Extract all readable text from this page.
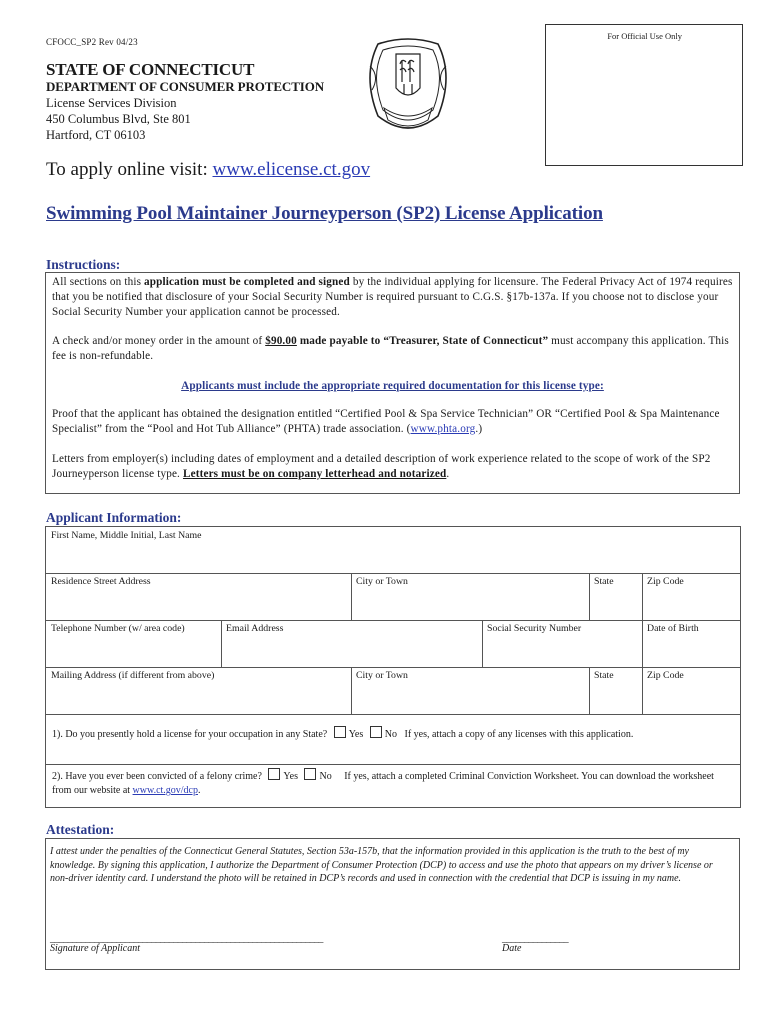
CFOCC_SP2 Rev 04/23
For Official Use Only
STATE OF CONNECTICUT
DEPARTMENT OF CONSUMER PROTECTION
License Services Division
450 Columbus Blvd, Ste 801
Hartford, CT 06103
To apply online visit: www.elicense.ct.gov
Swimming Pool Maintainer Journeyperson (SP2) License Application
Instructions:

All sections on this application must be completed and signed by the individual applying for licensure. The Federal Privacy Act of 1974 requires that you be notified that disclosure of your Social Security Number is required pursuant to C.G.S. §17b-137a. If you choose not to disclose your Social Security Number your application cannot be processed.

A check and/or money order in the amount of $90.00 made payable to “Treasurer, State of Connecticut” must accompany this application. This fee is non-refundable.

Applicants must include the appropriate required documentation for this license type:

Proof that the applicant has obtained the designation entitled “Certified Pool & Spa Service Technician” OR “Certified Pool & Spa Maintenance Specialist” from the “Pool and Hot Tub Alliance” (PHTA) trade association. (www.phta.org.)

Letters from employer(s) including dates of employment and a detailed description of work experience related to the scope of work of the SP2 Journeyperson license type. Letters must be on company letterhead and notarized.

Applicant Information:
First Name, Middle Initial, Last Name
Residence Street Address	City or Town	State	Zip Code
Telephone Number (w/ area code)	Email Address	Social Security Number	Date of Birth
Mailing Address (if different from above)	City or Town	State	Zip Code
1). Do you presently hold a license for your occupation in any State? Yes No If yes, attach a copy of any licenses with this application.
2). Have you ever been convicted of a felony crime? Yes No If yes, attach a completed Criminal Conviction Worksheet. You can download the worksheet from our website at www.ct.gov/dcp.
Attestation:
I attest under the penalties of the Connecticut General Statutes, Section 53a-157b, that the information provided in this application is the truth to the best of my knowledge. By signing this application, I authorize the Department of Consumer Protection (DCP) to access and use the photo that appears on my driver’s license or non-driver identity card. I understand the photo will be retained in DCP’s records and used in connection with the credential that DCP is issuing in my name.
______________________________________________________________
Signature of Applicant
_______________
Date
